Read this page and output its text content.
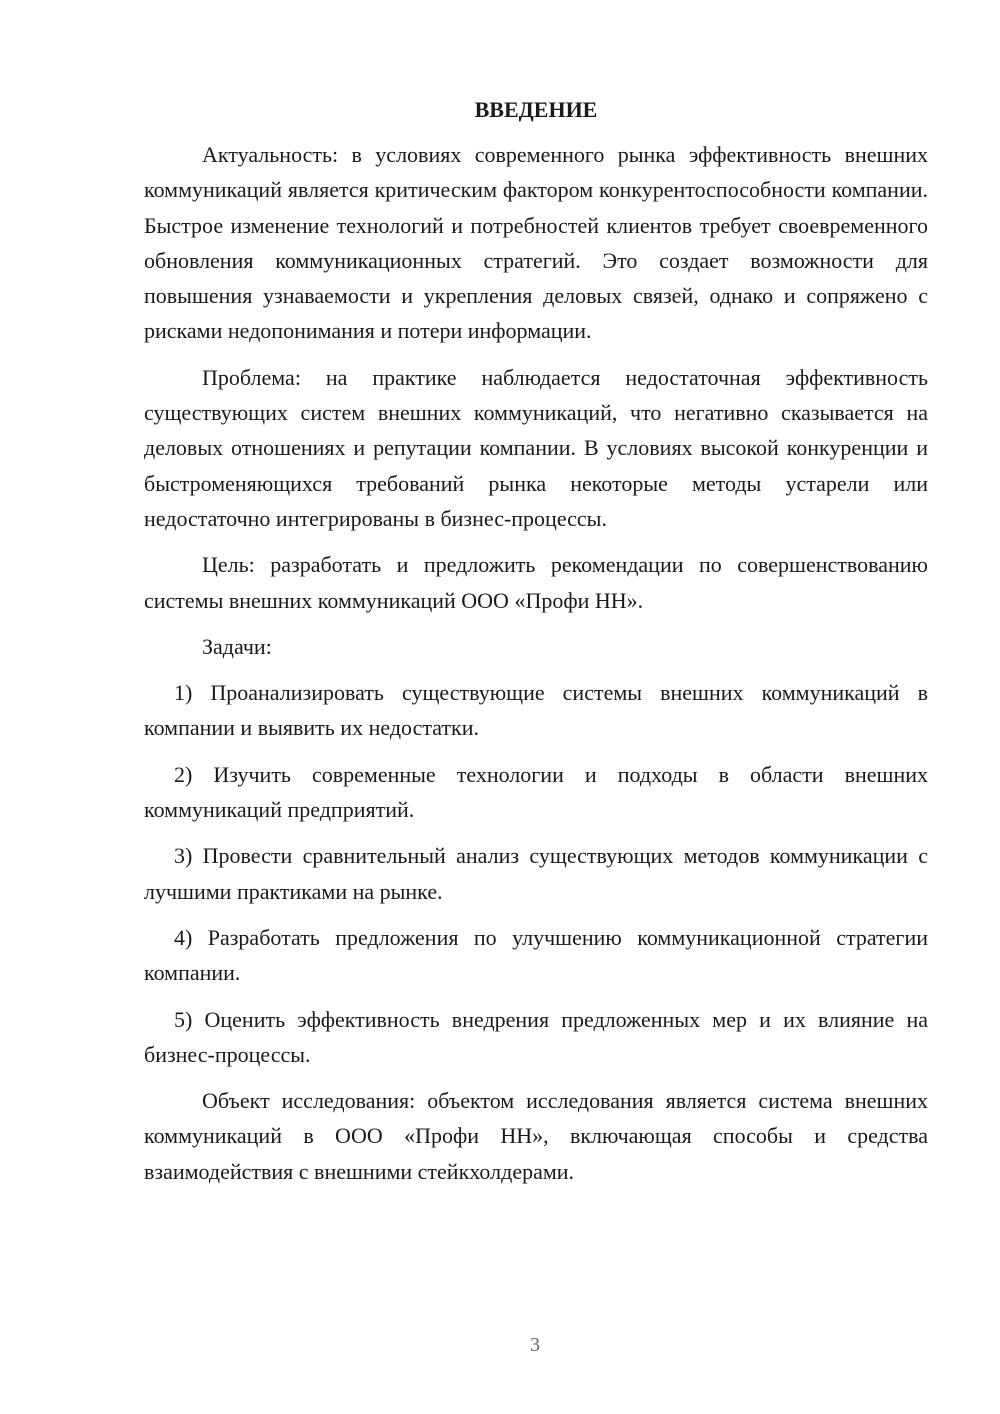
ВВЕДЕНИЕ

Актуальность: в условиях современного рынка эффективность внешних коммуникаций является критическим фактором конкурентоспособности компании. Быстрое изменение технологий и потребностей клиентов требует своевременного обновления коммуникационных стратегий. Это создает возможности для повышения узнаваемости и укрепления деловых связей, однако и сопряжено с рисками недопонимания и потери информации.

Проблема: на практике наблюдается недостаточная эффективность существующих систем внешних коммуникаций, что негативно сказывается на деловых отношениях и репутации компании. В условиях высокой конкуренции и быстроменяющихся требований рынка некоторые методы устарели или недостаточно интегрированы в бизнес-процессы.

Цель: разработать и предложить рекомендации по совершенствованию системы внешних коммуникаций ООО «Профи НН».

Задачи:

1) Проанализировать существующие системы внешних коммуникаций в компании и выявить их недостатки.

2) Изучить современные технологии и подходы в области внешних коммуникаций предприятий.

3) Провести сравнительный анализ существующих методов коммуникации с лучшими практиками на рынке.

4) Разработать предложения по улучшению коммуникационной стратегии компании.

5) Оценить эффективность внедрения предложенных мер и их влияние на бизнес-процессы.

Объект исследования: объектом исследования является система внешних коммуникаций в ООО «Профи НН», включающая способы и средства взаимодействия с внешними стейкхолдерами.

3
